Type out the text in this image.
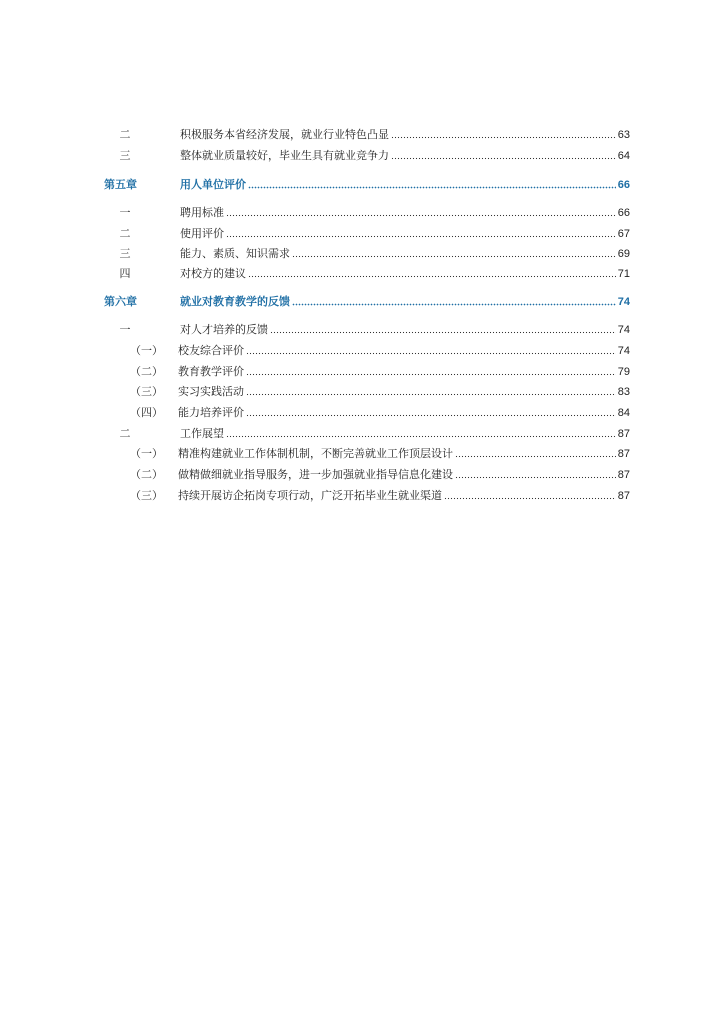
二	积极服务本省经济发展，就业行业特色凸显	63
三	整体就业质量较好，毕业生具有就业竞争力	64
第五章	用人单位评价	66
一	聘用标准	66
二	使用评价	67
三	能力、素质、知识需求	69
四	对校方的建议	71
第六章	就业对教育教学的反馈	74
一	对人才培养的反馈	74
（一）	校友综合评价	74
（二）	教育教学评价	79
（三）	实习实践活动	83
（四）	能力培养评价	84
二	工作展望	87
（一）	精准构建就业工作体制机制，不断完善就业工作顶层设计	87
（二）	做精做细就业指导服务，进一步加强就业指导信息化建设	87
（三）	持续开展访企拓岗专项行动，广泛开拓毕业生就业渠道	87
